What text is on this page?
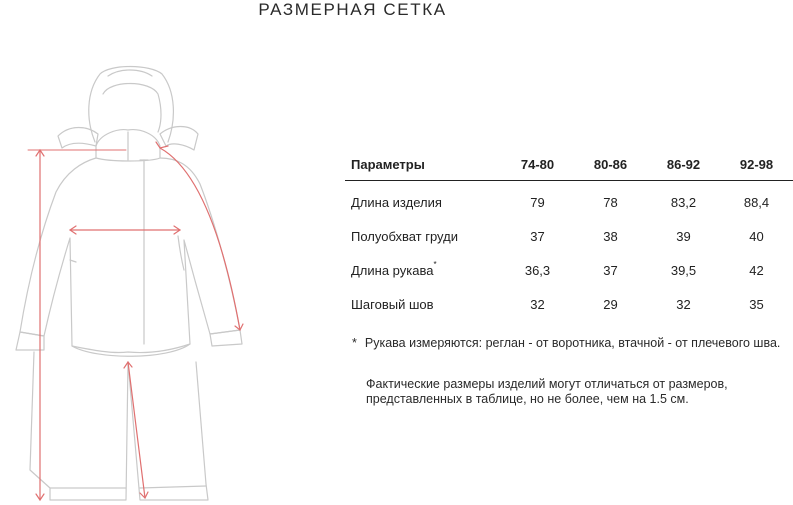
РАЗМЕРНАЯ СЕТКА
Параметры	74-80	80-86	86-92	92-98
Длина изделия	79	78	83,2	88,4
Полуобхват груди	37	38	39	40
Длина рукава*	36,3	37	39,5	42
Шаговый шов	32	29	32	35
* Рукава измеряются: реглан - от воротника, втачной - от плечевого шва.
Фактические размеры изделий могут отличаться от размеров,
представленных в таблице, но не более, чем на 1.5 см.
